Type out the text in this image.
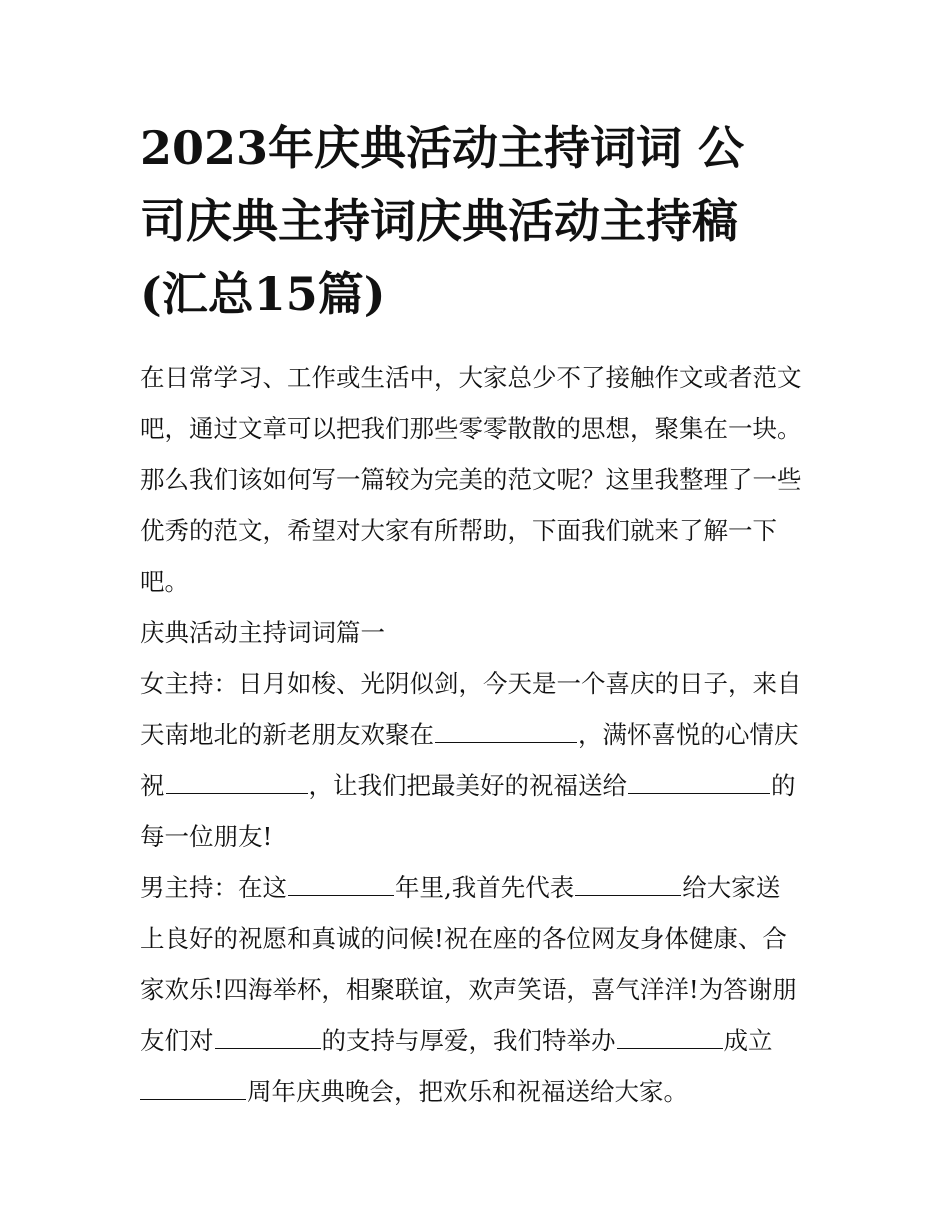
2023年庆典活动主持词词 公
司庆典主持词庆典活动主持稿
(汇总15篇)
在日常学习、工作或生活中，大家总少不了接触作文或者范文
吧，通过文章可以把我们那些零零散散的思想，聚集在一块。
那么我们该如何写一篇较为完美的范文呢？这里我整理了一些
优秀的范文，希望对大家有所帮助，下面我们就来了解一下
吧。
庆典活动主持词词篇一
女主持：日月如梭、光阴似剑，今天是一个喜庆的日子，来自
天南地北的新老朋友欢聚在	，满怀喜悦的心情庆
祝	，让我们把最美好的祝福送给	的
每一位朋友!
男主持：在这	年里,我首先代表	给大家送
上良好的祝愿和真诚的问候!祝在座的各位网友身体健康、合
家欢乐!四海举杯，相聚联谊，欢声笑语，喜气洋洋!为答谢朋
友们对	的支持与厚爱，我们特举办	成立
周年庆典晚会，把欢乐和祝福送给大家。
